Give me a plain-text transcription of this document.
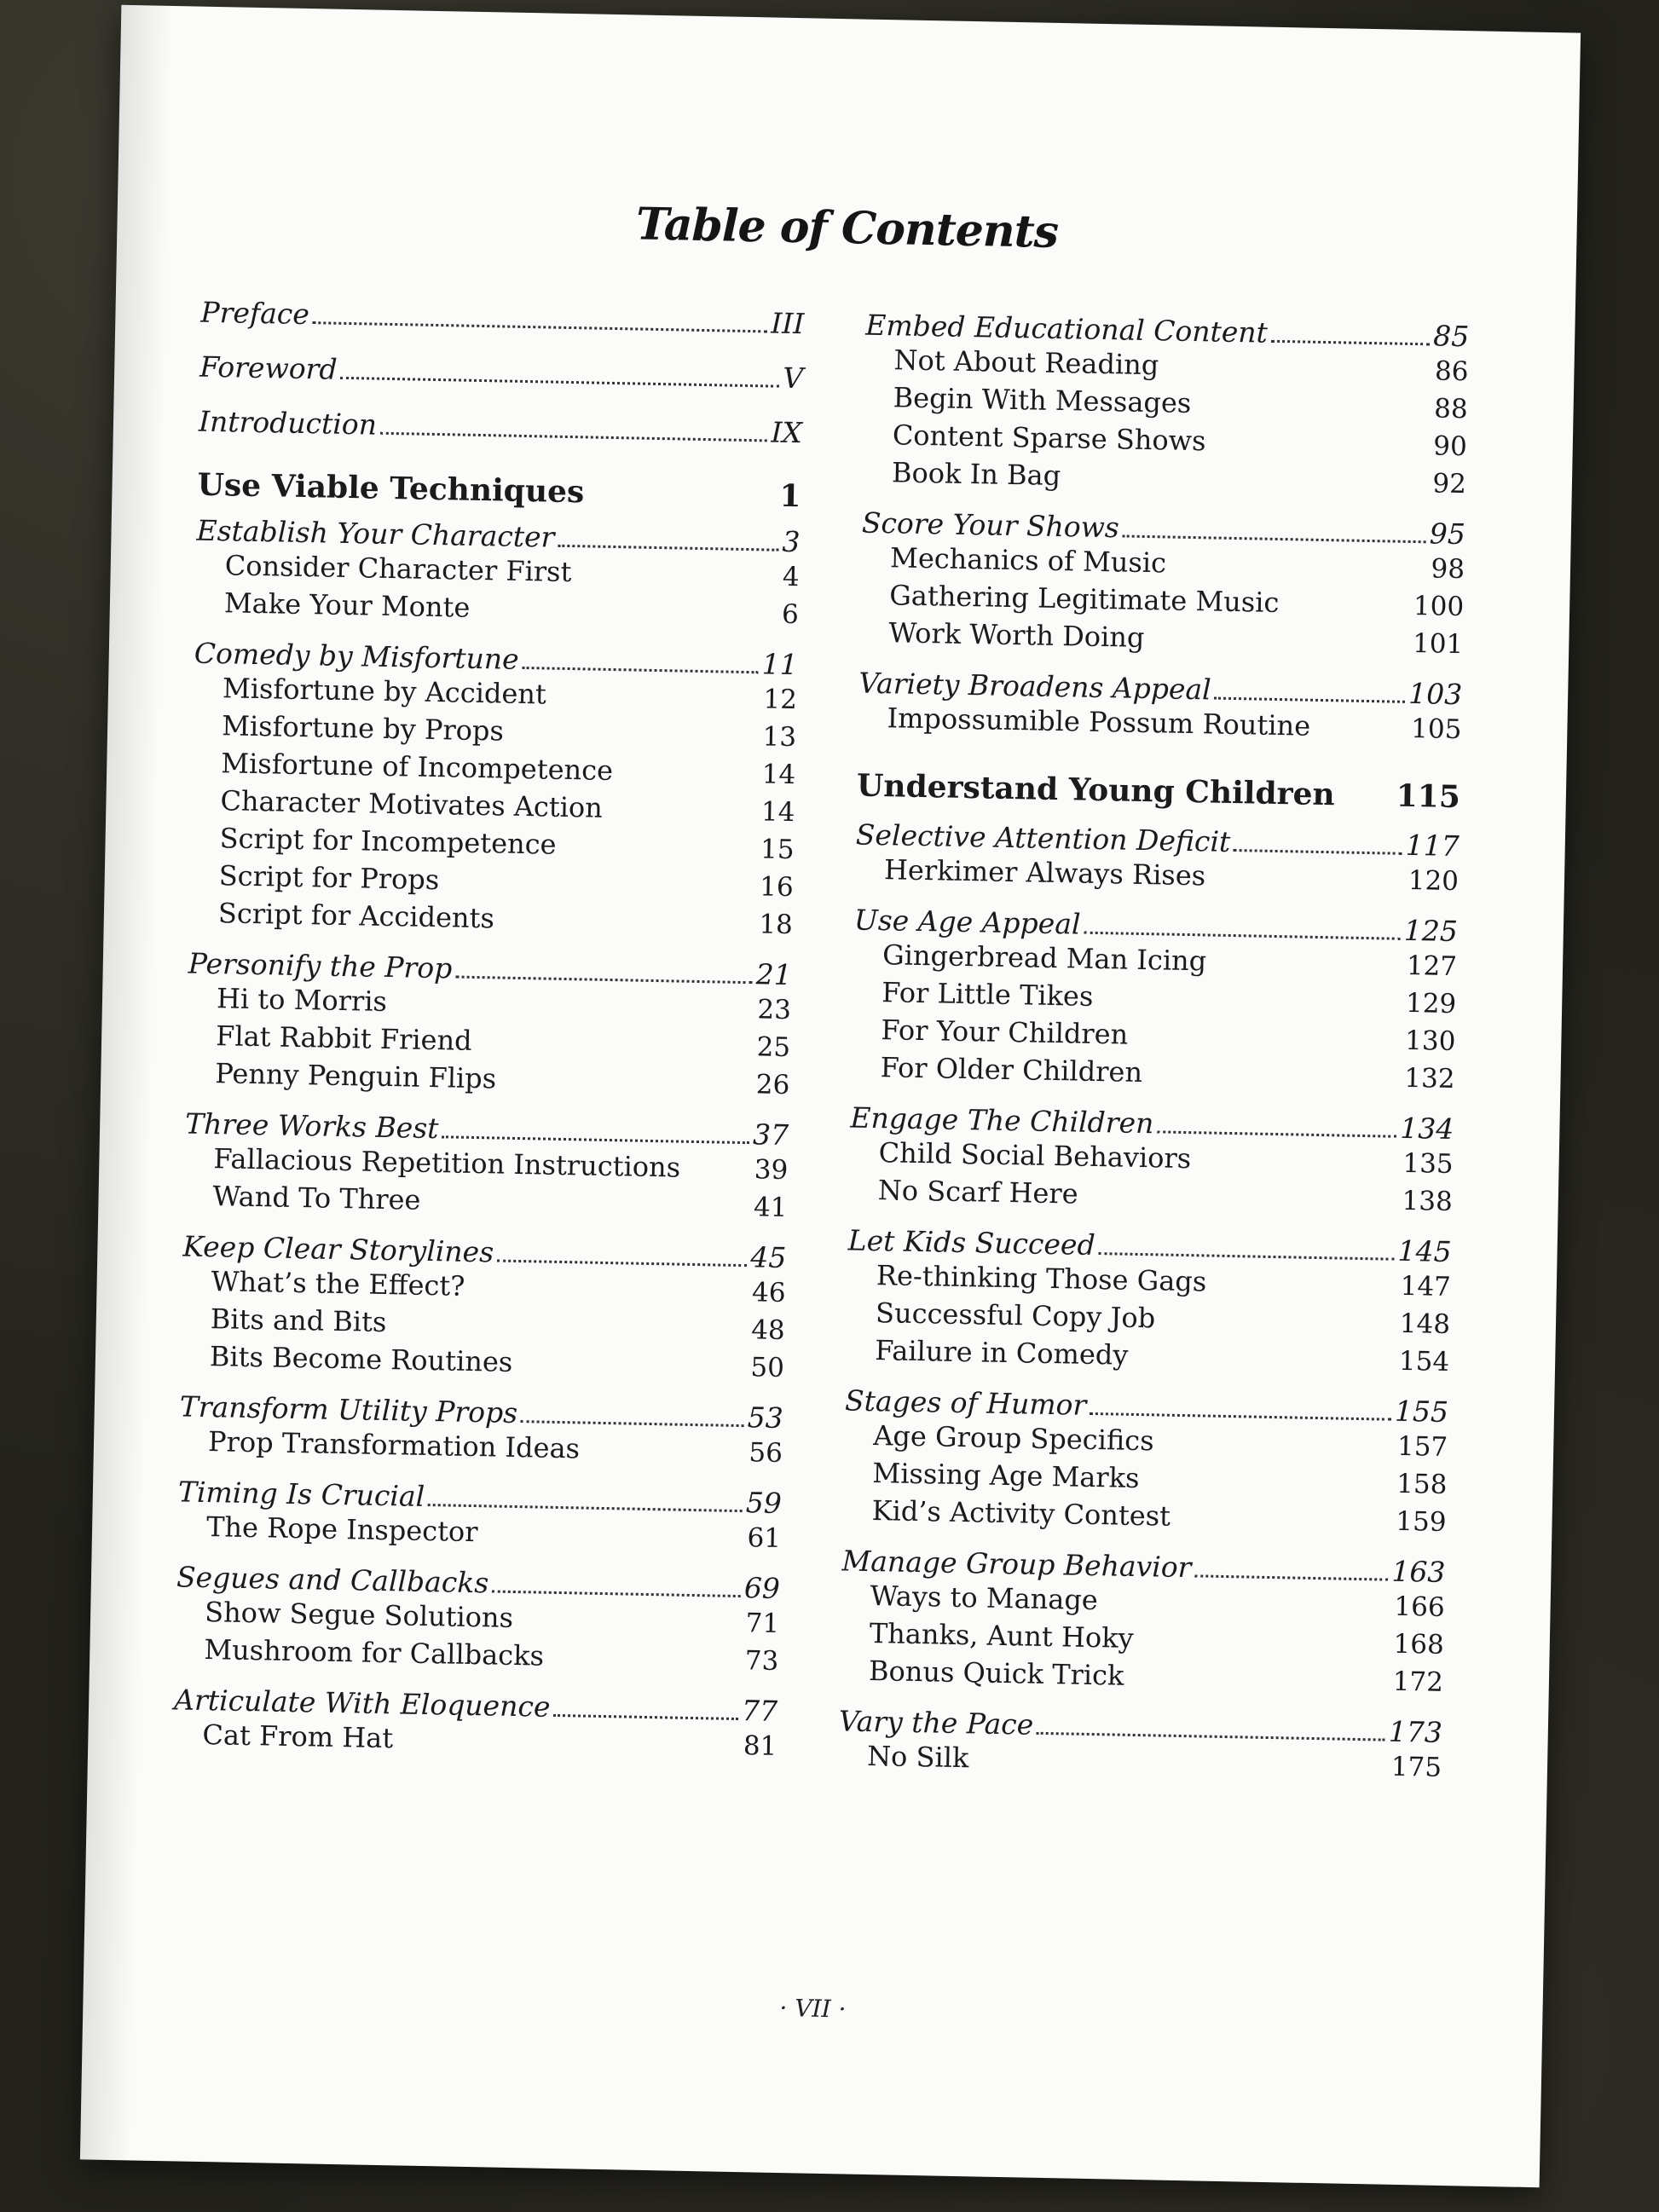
Table of Contents
Preface	III
Foreword	V
Introduction	IX
Use Viable Techniques	1
Establish Your Character	3
Consider Character First	4
Make Your Monte	6
Comedy by Misfortune	11
Misfortune by Accident	12
Misfortune by Props	13
Misfortune of Incompetence	14
Character Motivates Action	14
Script for Incompetence	15
Script for Props	16
Script for Accidents	18
Personify the Prop	21
Hi to Morris	23
Flat Rabbit Friend	25
Penny Penguin Flips	26
Three Works Best	37
Fallacious Repetition Instructions	39
Wand To Three	41
Keep Clear Storylines	45
What’s the Effect?	46
Bits and Bits	48
Bits Become Routines	50
Transform Utility Props	53
Prop Transformation Ideas	56
Timing Is Crucial	59
The Rope Inspector	61
Segues and Callbacks	69
Show Segue Solutions	71
Mushroom for Callbacks	73
Articulate With Eloquence	77
Cat From Hat	81
Embed Educational Content	85
Not About Reading	86
Begin With Messages	88
Content Sparse Shows	90
Book In Bag	92
Score Your Shows	95
Mechanics of Music	98
Gathering Legitimate Music	100
Work Worth Doing	101
Variety Broadens Appeal	103
Impossumible Possum Routine	105
Understand Young Children 115
Selective Attention Deficit	117
Herkimer Always Rises	120
Use Age Appeal	125
Gingerbread Man Icing	127
For Little Tikes	129
For Your Children	130
For Older Children	132
Engage The Children	134
Child Social Behaviors	135
No Scarf Here	138
Let Kids Succeed	145
Re-thinking Those Gags	147
Successful Copy Job	148
Failure in Comedy	154
Stages of Humor	155
Age Group Specifics	157
Missing Age Marks	158
Kid’s Activity Contest	159
Manage Group Behavior	163
Ways to Manage	166
Thanks, Aunt Hoky	168
Bonus Quick Trick	172
Vary the Pace	173
No Silk	175
· VII ·
